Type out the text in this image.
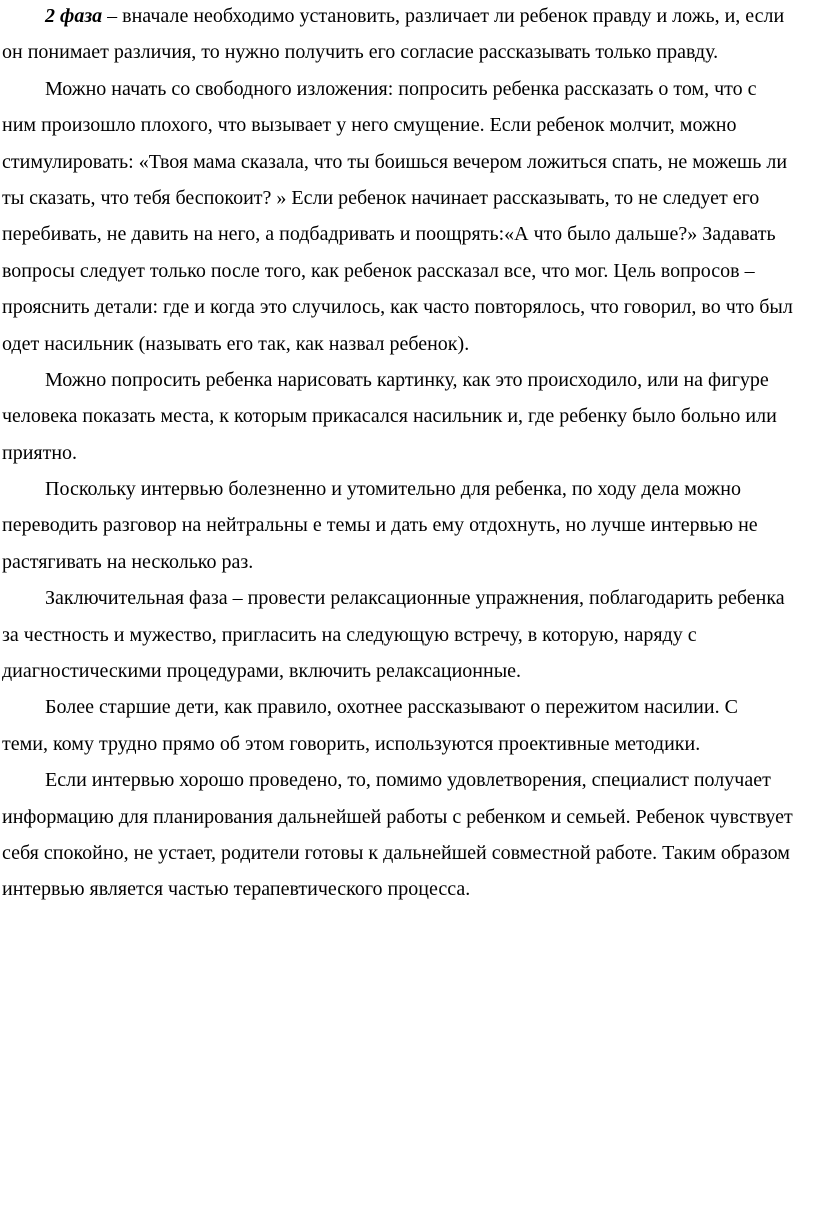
2 фаза – вначале необходимо установить, различает ли ребенок правду и ложь, и, если
он понимает различия, то нужно получить его согласие рассказывать только правду.
Можно начать со свободного изложения: попросить ребенка рассказать о том, что с
ним произошло плохого, что вызывает у него смущение. Если ребенок молчит, можно
стимулировать: «Твоя мама сказала, что ты боишься вечером ложиться спать, не можешь ли
ты сказать, что тебя беспокоит? » Если ребенок начинает рассказывать, то не следует его
перебивать, не давить на него, а подбадривать и поощрять:«А что было дальше?» Задавать
вопросы следует только после того, как ребенок рассказал все, что мог. Цель вопросов –
прояснить детали: где и когда это случилось, как часто повторялось, что говорил, во что был
одет насильник (называть его так, как назвал ребенок).
Можно попросить ребенка нарисовать картинку, как это происходило, или на фигуре
человека показать места, к которым прикасался насильник и, где ребенку было больно или
приятно.
Поскольку интервью болезненно и утомительно для ребенка, по ходу дела можно
переводить разговор на нейтральны е темы и дать ему отдохнуть, но лучше интервью не
растягивать на несколько раз.
Заключительная фаза – провести релаксационные упражнения, поблагодарить ребенка
за честность и мужество, пригласить на следующую встречу, в которую, наряду с
диагностическими процедурами, включить релаксационные.
Более старшие дети, как правило, охотнее рассказывают о пережитом насилии. С
теми, кому трудно прямо об этом говорить, используются проективные методики.
Если интервью хорошо проведено, то, помимо удовлетворения, специалист получает
информацию для планирования дальнейшей работы с ребенком и семьей. Ребенок чувствует
себя спокойно, не устает, родители готовы к дальнейшей совместной работе. Таким образом
интервью является частью терапевтического процесса.
